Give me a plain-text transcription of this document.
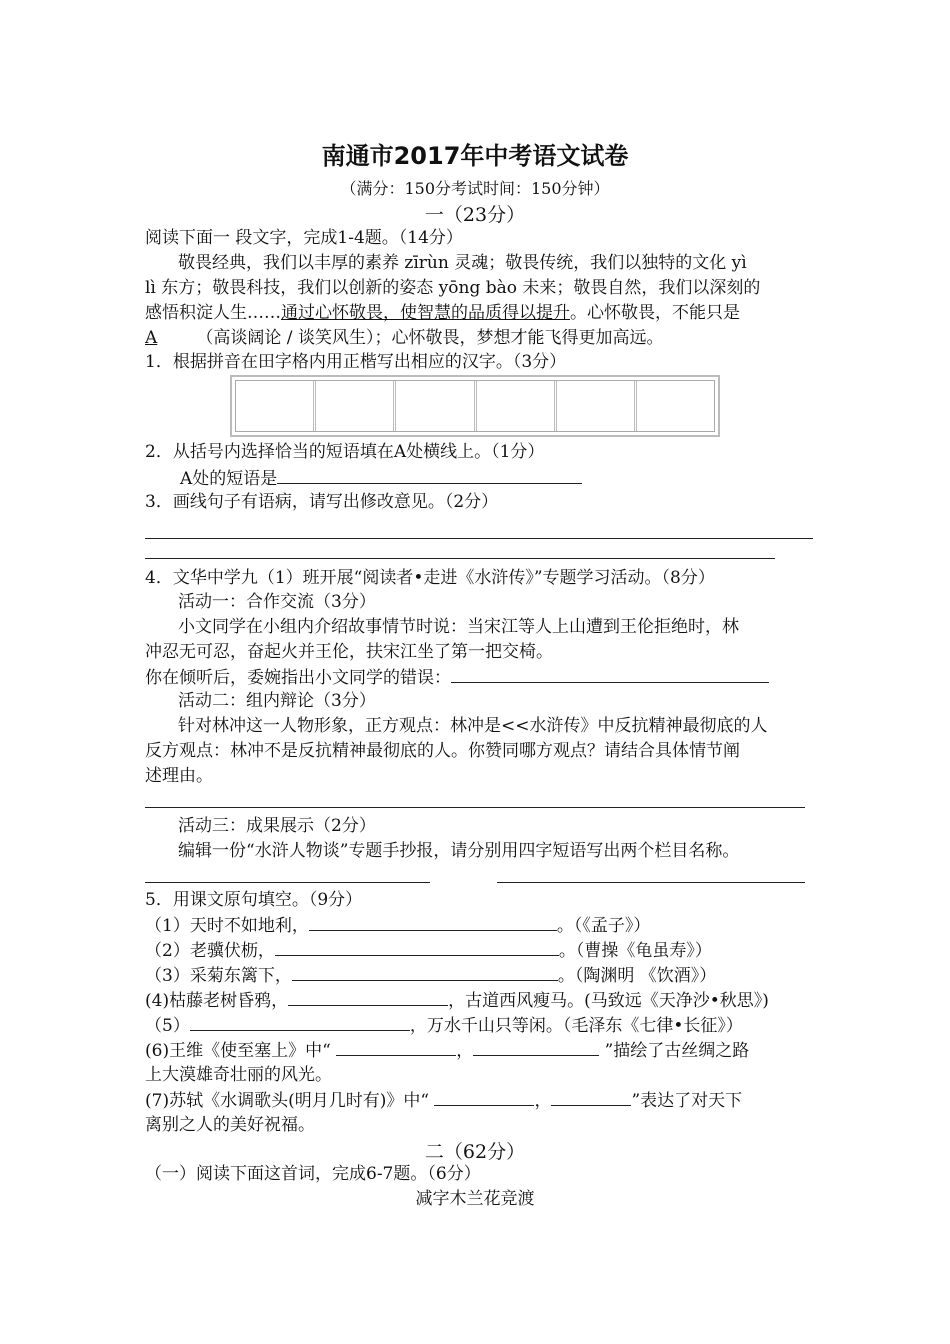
南通市2017年中考语文试卷
（满分：150分考试时间：150分钟）
一（23分）
阅读下面一 段文字，完成1-4题。（14分）
敬畏经典，我们以丰厚的素养 zīrùn 灵魂；敬畏传统，我们以独特的文化 yì
lì 东方；敬畏科技，我们以创新的姿态 yōng bào 未来；敬畏自然，我们以深刻的
感悟积淀人生……通过心怀敬畏，使智慧的品质得以提升。心怀敬畏，不能只是
A （高谈阔论 / 谈笑风生）；心怀敬畏，梦想才能飞得更加高远。
1．根据拼音在田字格内用正楷写出相应的汉字。（3分）
2．从括号内选择恰当的短语填在A处横线上。（1分）
A处的短语是
3．画线句子有语病，请写出修改意见。（2分）
4．文华中学九（1）班开展“阅读者•走进《水浒传》”专题学习活动。（8分）
活动一：合作交流（3分）
小文同学在小组内介绍故事情节时说：当宋江等人上山遭到王伦拒绝时，林
冲忍无可忍，奋起火并王伦，扶宋江坐了第一把交椅。
你在倾听后，委婉指出小文同学的错误：
活动二：组内辩论（3分）
针对林冲这一人物形象，正方观点：林冲是<<水浒传》中反抗精神最彻底的人
反方观点：林冲不是反抗精神最彻底的人。你赞同哪方观点？请结合具体情节阐
述理由。
活动三：成果展示（2分）
编辑一份“水浒人物谈”专题手抄报，请分别用四字短语写出两个栏目名称。
5．用课文原句填空。（9分）
（1）天时不如地利，	。（《孟子》）
（2）老骥伏枥，	。（曹操《龟虽寿》）
（3）采菊东篱下，	。（陶渊明 《饮酒》）
(4)枯藤老树昏鸦，	，古道西风瘦马。(马致远《天净沙•秋思》)
（5）	，万水千山只等闲。（毛泽东《七律•长征》）
(6)王维《使至塞上》中“	，	”描绘了古丝绸之路
上大漠雄奇壮丽的风光。
(7)苏轼《水调歌头(明月几时有)》中“	，	”表达了对天下
离别之人的美好祝福。
二（62分）
（一）阅读下面这首词，完成6-7题。（6分）
减字木兰花竞渡
